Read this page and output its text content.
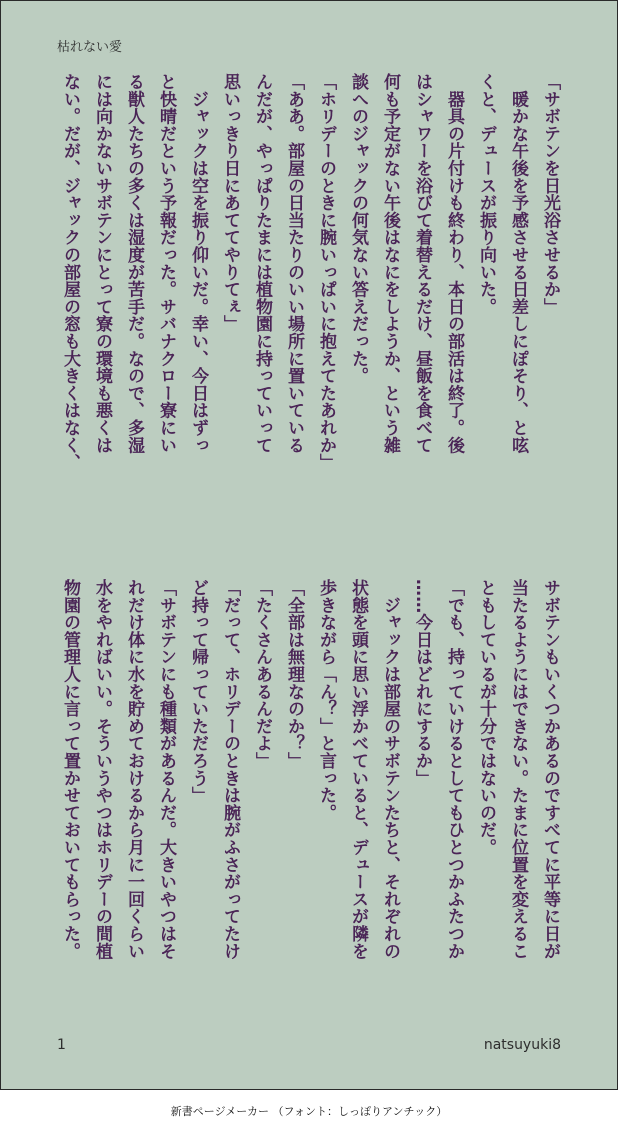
枯れない愛

「サボテンを日光浴させるか」

　暖かな午後を予感させる日差しにぽそり、と呟

くと、デュースが振り向いた。

　器具の片付けも終わり、本日の部活は終了。後

はシャワーを浴びて着替えるだけ、昼飯を食べて

何も予定がない午後はなにをしようか、という雑

談へのジャックの何気ない答えだった。

「ホリデーのときに腕いっぱいに抱えてたあれか」

「ああ。部屋の日当たりのいい場所に置いている

んだが、やっぱりたまには植物園に持っていって

思いっきり日にあててやりてぇ」

　ジャックは空を振り仰いだ。幸い、今日はずっ

と快晴だという予報だった。サバナクロー寮にい

る獣人たちの多くは湿度が苦手だ。なので、多湿

には向かないサボテンにとって寮の環境も悪くは

ない。だが、ジャックの部屋の窓も大きくはなく、

サボテンもいくつかあるのですべてに平等に日が

当たるようにはできない。たまに位置を変えるこ

ともしているが十分ではないのだ。

「でも、持っていけるとしてもひとつかふたつか

……今日はどれにするか」

　ジャックは部屋のサボテンたちと、それぞれの

状態を頭に思い浮かべていると、デュースが隣を

歩きながら「ん？」と言った。

「全部は無理なのか？」

「たくさんあるんだよ」

「だって、ホリデーのときは腕がふさがってたけ

ど持って帰っていただろう」

「サボテンにも種類があるんだ。大きいやつはそ

れだけ体に水を貯めておけるから月に一回くらい

水をやればいい。そういうやつはホリデーの間植

物園の管理人に言って置かせておいてもらった。

1	natsuyuki8
新書ページメーカー （フォント：しっぽりアンチック）
